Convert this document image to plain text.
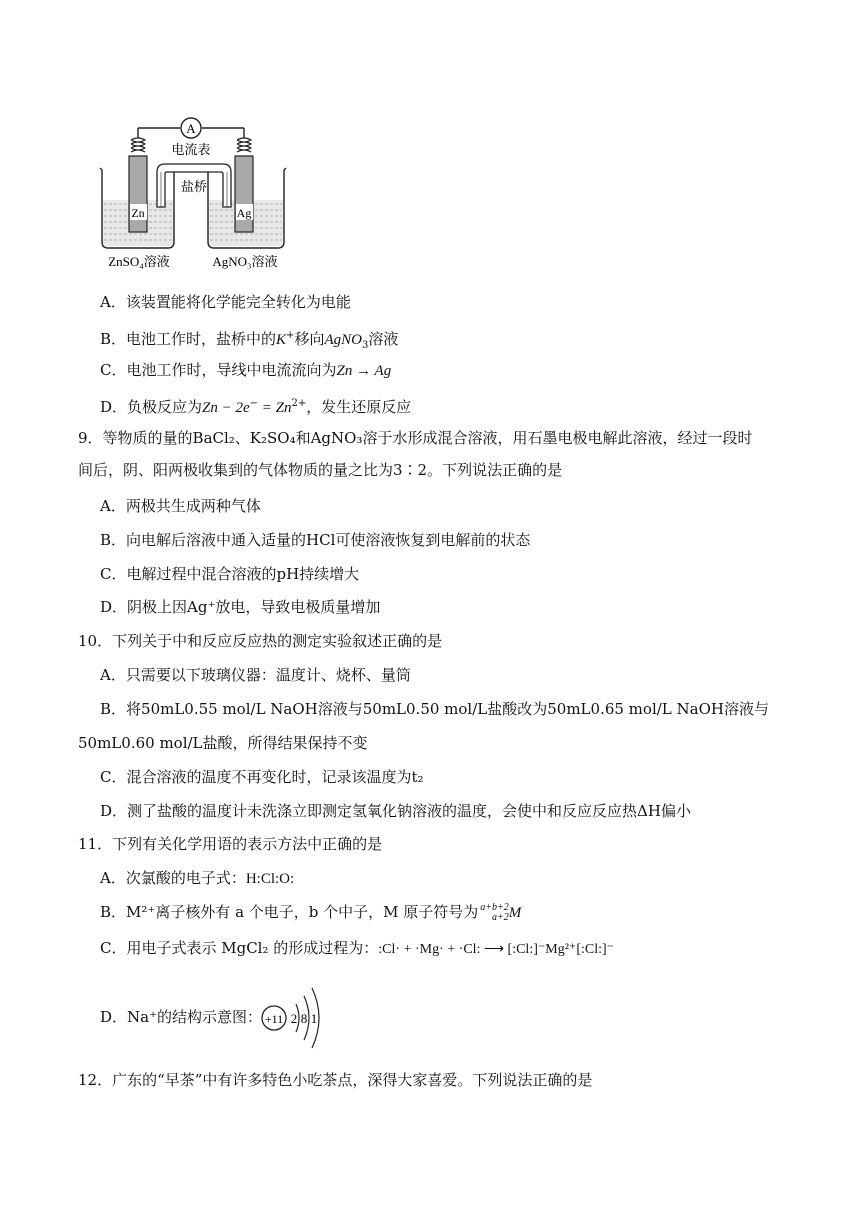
A
电流表
Zn	Ag
盐桥
ZnSO₄溶液	AgNO₃溶液
A．该装置能将化学能完全转化为电能
B．电池工作时，盐桥中的K+移向AgNO$_3$溶液
C．电池工作时，导线中电流流向为Zn → Ag
D．负极反应为$Zn - 2e^- = Zn^{2+}$，发生还原反应
9．等物质的量的BaCl₂、K₂SO₄和AgNO₃溶于水形成混合溶液，用石墨电极电解此溶液，经过一段时
间后，阴、阳两极收集到的气体物质的量之比为3∶2。下列说法正确的是
A．两极共生成两种气体
B．向电解后溶液中通入适量的HCl可使溶液恢复到电解前的状态
C．电解过程中混合溶液的pH持续增大
D．阴极上因Ag⁺放电，导致电极质量增加
10．下列关于中和反应反应热的测定实验叙述正确的是
A．只需要以下玻璃仪器：温度计、烧杯、量筒
B．将50mL0.55 mol/L NaOH溶液与50mL0.50 mol/L盐酸改为50mL0.65 mol/L NaOH溶液与
50mL0.60 mol/L盐酸，所得结果保持不变
C．混合溶液的温度不再变化时，记录该温度为t₂
D．测了盐酸的温度计未洗涤立即测定氢氧化钠溶液的温度，会使中和反应反应热ΔH偏小
11．下列有关化学用语的表示方法中正确的是
A．次氯酸的电子式：H:Cl:O:
B．M²⁺离子核外有 a 个电子，b 个中子，M 原子符号为 a+b+2
a+2M
C．用电子式表示 MgCl₂ 的形成过程为：:Cl· + ·Mg· + ·Cl: ⟶ [:Cl:]⁻Mg²⁺[:Cl:]⁻
D．Na⁺的结构示意图： +11 2 8 1
12．广东的“早茶”中有许多特色小吃茶点，深得大家喜爱。下列说法正确的是
